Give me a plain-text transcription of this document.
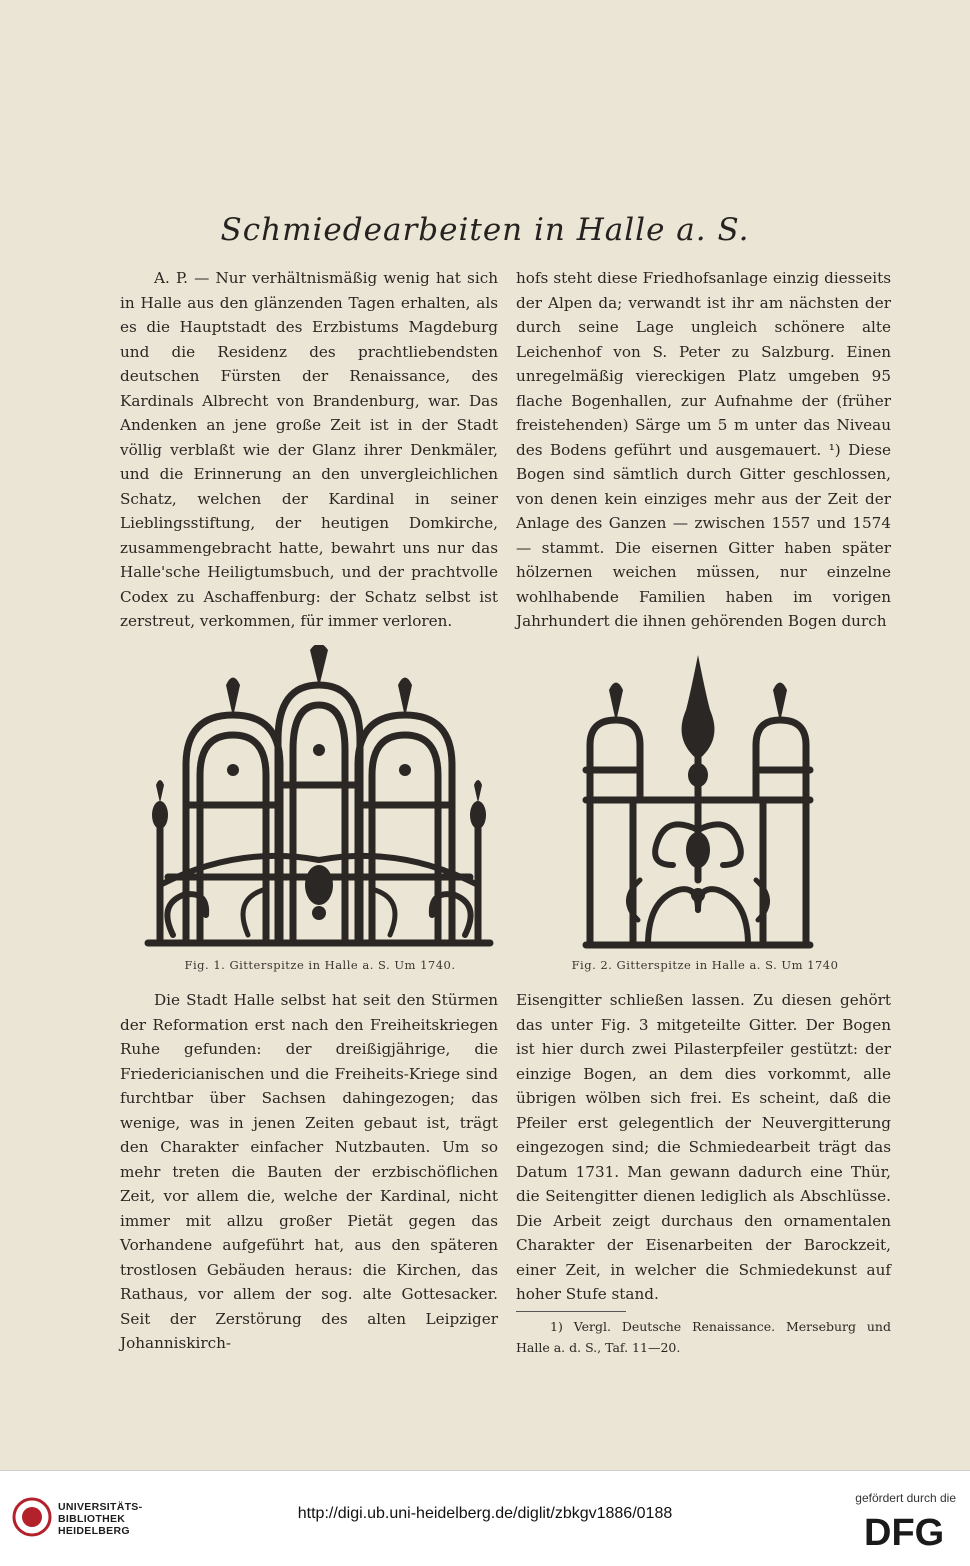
Schmiedearbeiten in Halle a. S.

A. P. — Nur verhältnismäßig wenig hat sich in Halle aus den glänzenden Tagen erhalten, als es die Hauptstadt des Erzbistums Magdeburg und die Residenz des prachtliebendsten deutschen Fürsten der Renaissance, des Kardinals Albrecht von Brandenburg, war. Das Andenken an jene große Zeit ist in der Stadt völlig verblaßt wie der Glanz ihrer Denkmäler, und die Erinnerung an den unvergleichlichen Schatz, welchen der Kardinal in seiner Lieblingsstiftung, der heutigen Domkirche, zusammengebracht hatte, bewahrt uns nur das Halle'sche Heiligtumsbuch, und der prachtvolle Codex zu Aschaffenburg: der Schatz selbst ist zerstreut, verkommen, für immer verloren.

hofs steht diese Friedhofsanlage einzig diesseits der Alpen da; verwandt ist ihr am nächsten der durch seine Lage ungleich schönere alte Leichenhof von S. Peter zu Salzburg. Einen unregelmäßig viereckigen Platz umgeben 95 flache Bogenhallen, zur Aufnahme der (früher freistehenden) Särge um 5 m unter das Niveau des Bodens geführt und ausgemauert. ¹) Diese Bogen sind sämtlich durch Gitter geschlossen, von denen kein einziges mehr aus der Zeit der Anlage des Ganzen — zwischen 1557 und 1574 — stammt. Die eisernen Gitter haben später hölzernen weichen müssen, nur einzelne wohlhabende Familien haben im vorigen Jahrhundert die ihnen gehörenden Bogen durch

Fig. 1. Gitterspitze in Halle a. S. Um 1740.	Fig. 2. Gitterspitze in Halle a. S. Um 1740

Die Stadt Halle selbst hat seit den Stürmen der Reformation erst nach den Freiheitskriegen Ruhe gefunden: der dreißigjährige, die Friedericianischen und die Freiheits-Kriege sind furchtbar über Sachsen dahingezogen; das wenige, was in jenen Zeiten gebaut ist, trägt den Charakter einfacher Nutzbauten. Um so mehr treten die Bauten der erzbischöflichen Zeit, vor allem die, welche der Kardinal, nicht immer mit allzu großer Pietät gegen das Vorhandene aufgeführt hat, aus den späteren trostlosen Gebäuden heraus: die Kirchen, das Rathaus, vor allem der sog. alte Gottesacker. Seit der Zerstörung des alten Leipziger Johanniskirch-

Eisengitter schließen lassen. Zu diesen gehört das unter Fig. 3 mitgeteilte Gitter. Der Bogen ist hier durch zwei Pilasterpfeiler gestützt: der einzige Bogen, an dem dies vorkommt, alle übrigen wölben sich frei. Es scheint, daß die Pfeiler erst gelegentlich der Neuvergitterung eingezogen sind; die Schmiedearbeit trägt das Datum 1731. Man gewann dadurch eine Thür, die Seitengitter dienen lediglich als Abschlüsse. Die Arbeit zeigt durchaus den ornamentalen Charakter der Eisenarbeiten der Barockzeit, einer Zeit, in welcher die Schmiedekunst auf hoher Stufe stand.

1) Vergl. Deutsche Renaissance. Merseburg und Halle a. d. S., Taf. 11—20.

UNIVERSITÄTS-
BIBLIOTHEK
HEIDELBERG
http://digi.ub.uni-heidelberg.de/diglit/zbkgv1886/0188
gefördert durch die
DFG
